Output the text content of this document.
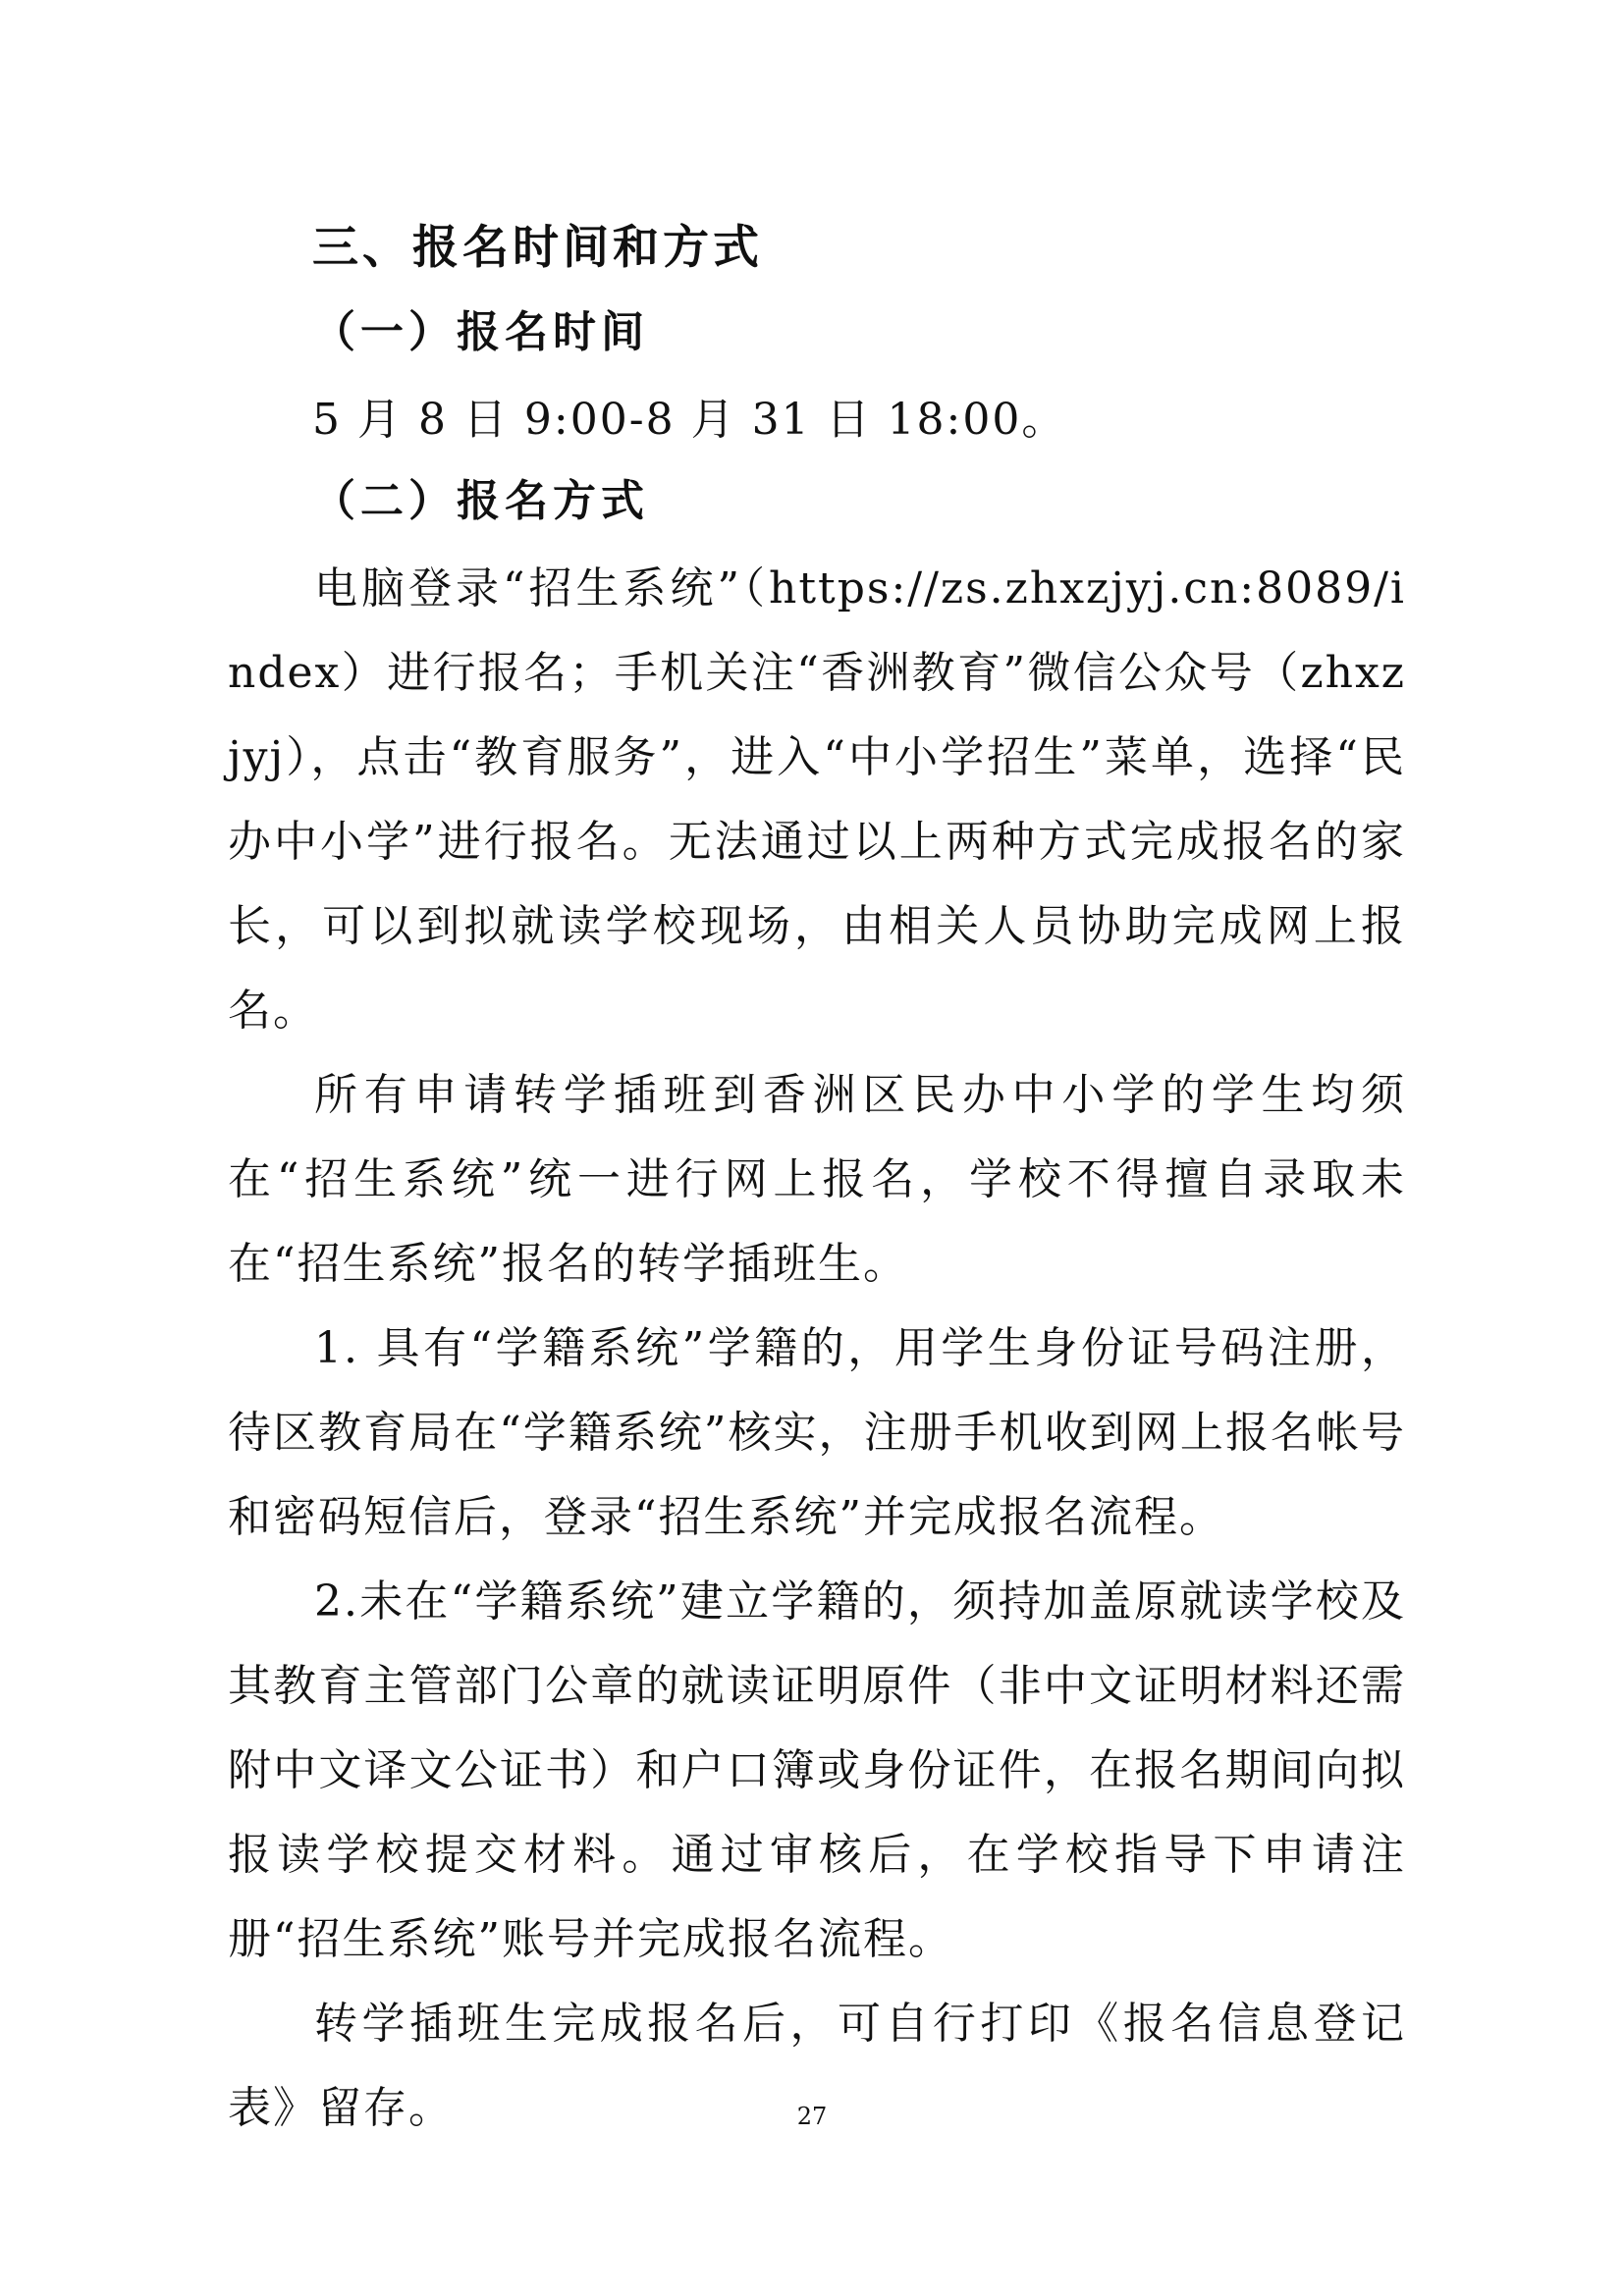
三、报名时间和方式
（一）报名时间
5 月 8 日 9:00-8 月 31 日 18:00。
（二）报名方式

电脑登录“招生系统”（https://zs.zhxzjyj.cn:8089/index）进行报名；手机关注“香洲教育”微信公众号（zhxzjyj），点击“教育服务”，进入“中小学招生”菜单，选择“民办中小学”进行报名。无法通过以上两种方式完成报名的家长，可以到拟就读学校现场，由相关人员协助完成网上报名。

所有申请转学插班到香洲区民办中小学的学生均须在“招生系统”统一进行网上报名，学校不得擅自录取未在“招生系统”报名的转学插班生。

1. 具有“学籍系统”学籍的，用学生身份证号码注册，待区教育局在“学籍系统”核实，注册手机收到网上报名帐号和密码短信后，登录“招生系统”并完成报名流程。

2.未在“学籍系统”建立学籍的，须持加盖原就读学校及其教育主管部门公章的就读证明原件（非中文证明材料还需附中文译文公证书）和户口簿或身份证件，在报名期间向拟报读学校提交材料。通过审核后，在学校指导下申请注册“招生系统”账号并完成报名流程。

转学插班生完成报名后，可自行打印《报名信息登记表》留存。	27
